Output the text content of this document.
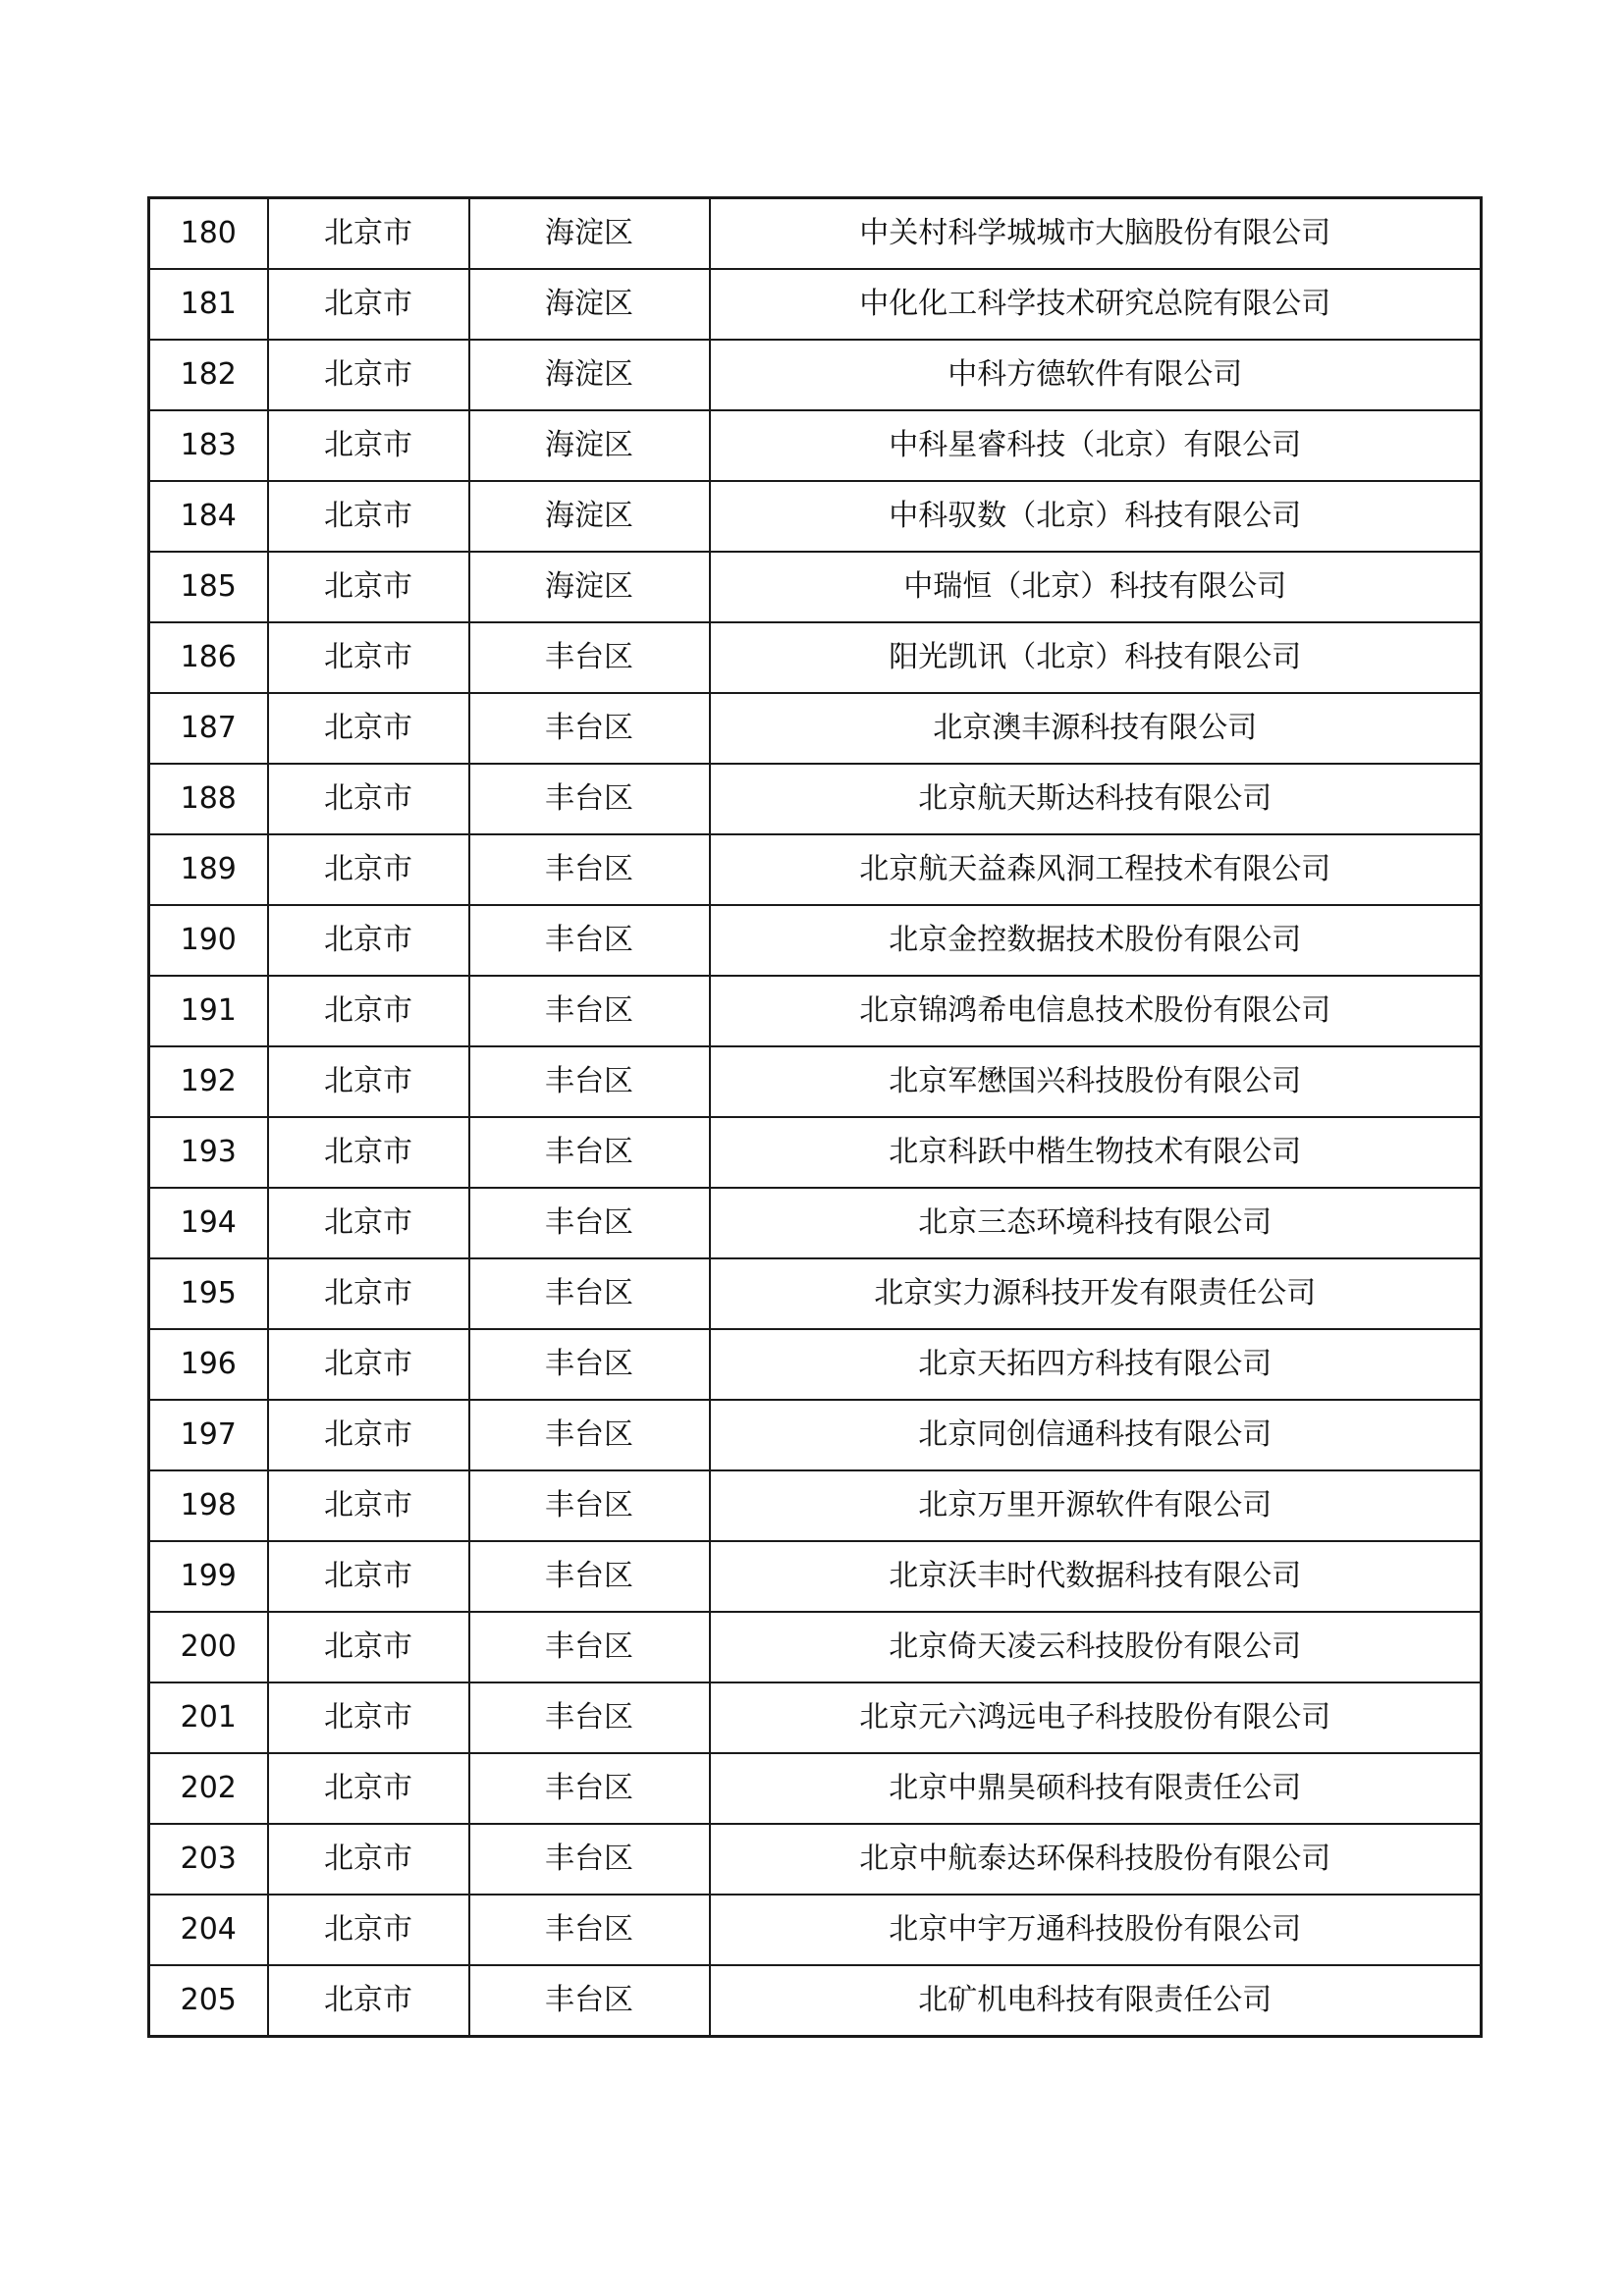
180	北京市	海淀区	中关村科学城城市大脑股份有限公司
181	北京市	海淀区	中化化工科学技术研究总院有限公司
182	北京市	海淀区	中科方德软件有限公司
183	北京市	海淀区	中科星睿科技（北京）有限公司
184	北京市	海淀区	中科驭数（北京）科技有限公司
185	北京市	海淀区	中瑞恒（北京）科技有限公司
186	北京市	丰台区	阳光凯讯（北京）科技有限公司
187	北京市	丰台区	北京澳丰源科技有限公司
188	北京市	丰台区	北京航天斯达科技有限公司
189	北京市	丰台区	北京航天益森风洞工程技术有限公司
190	北京市	丰台区	北京金控数据技术股份有限公司
191	北京市	丰台区	北京锦鸿希电信息技术股份有限公司
192	北京市	丰台区	北京军懋国兴科技股份有限公司
193	北京市	丰台区	北京科跃中楷生物技术有限公司
194	北京市	丰台区	北京三态环境科技有限公司
195	北京市	丰台区	北京实力源科技开发有限责任公司
196	北京市	丰台区	北京天拓四方科技有限公司
197	北京市	丰台区	北京同创信通科技有限公司
198	北京市	丰台区	北京万里开源软件有限公司
199	北京市	丰台区	北京沃丰时代数据科技有限公司
200	北京市	丰台区	北京倚天凌云科技股份有限公司
201	北京市	丰台区	北京元六鸿远电子科技股份有限公司
202	北京市	丰台区	北京中鼎昊硕科技有限责任公司
203	北京市	丰台区	北京中航泰达环保科技股份有限公司
204	北京市	丰台区	北京中宇万通科技股份有限公司
205	北京市	丰台区	北矿机电科技有限责任公司
